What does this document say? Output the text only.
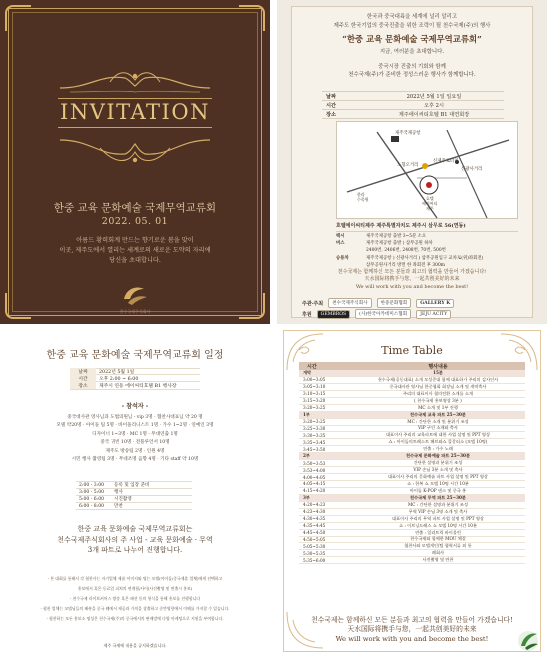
INVITATION
한중 교육 문화예술 국제무역교류회
2022. 05. 01
아름드 황력회계 만드는 향기로운 봄을 맞이
이곳, 제주도에서 열리는 세계로의 새로운 도약의 자리에
당신을 초대합니다.
천수국제주식회사
한국과 중국대륙을 세계에 널리 알리고
제주도 한국기업의 중국진출을 위한 조력이 될 천수국제(주)의 행사
“한중 교육 문화예술 국제무역교류회”
지금, 여러분을 초대합니다.
중국시장 진출의 기회와 함께
천수국제(주)가 준비한 정성스러운 행사가 함께합니다.
날짜	2022년 5월 1일 일요일
시간	오후 2시
장소	제주에이씨티호텔 B1 대연회장
제주국제공항
신제주로터리
노형오거리
신광사거리
호텔
에이씨티
제주
한라
수목원
호텔에이씨티제주 제주특별자치도 제주시 삼무로 56(연동)
택시	제주국제공항 출발 3~5분 소요
버스	제주국제공항 출발 ) 삼무공원 하차
2400번, 2406번, 2408번, 70번, 500번
승용차	제주국제공항 ) 신광사거리 ) 삼무공원입구 교차로(위)좌회전)
삼무공원사거리 방면 한 좌회전 후 300m
천수국제는 함께하신 모든 분들과 최고의 협력을 만들어 가겠습니다!
天水国际将携手与您，一起共创美好的未来
We will work with you and become the best!
주관·주최	천수국제주식회사	한중문화협회	GALLERY K
후원	GEMBROS	(사)한국아카데미스협회	JEJU ACITY
한중 교육 문화예술 국제무역교류회 일정
날짜	2022년 5월 1일
시간	오후 2:00 ~ 6:00
장소	제주시 연동 에이씨티호텔 B1 행사장
- 참석자 -
중국대사관 영사님과 도법의원님 - vip 3명 · 협찬사대표님 약 20 명
모델 약20명 · 아이돌 팀 5명 · 바이올리니스트 1명 · 가수 1~2명 · 연예인 3명
디자이너 1~3명 · MC 1명 · 무대연출 1명
중국 귀빈 10명 · 전플루언서 10명
제주도 방송팀 2명 · 인원 4명
시민 행사 촬영팀 3명 · 무대조명 음향 4명 · 기타 staff 약 10명
2:00 - 3:00	등록 및 입장 준비
3:00 - 5:00	행사
5:00 - 6:00	시진촬영
6:00 - 8:00	만찬
한중 교육 문화예술 국제무역교류회는
천수국제주식회사의 주 사업 - 교육 문화예술 · 무역
3개 파트로 나누어 진행합니다.
- 본 대회를 통해서 각 협찬사는 자기업체 제품 이미지와 명는 모델(아이돌/중국제휴 업체)에게 선택하고
홍보에서 혹은 동료업 피처의 연계협/사이(사진촬영 및 연출시 홍보)
- 천수국제 라이브커머스 방송 혹은 패션 등의 형식을 통해 홍보를 진행합니다
- 협찬 업체는 모델님들의 패숑을 중국 웨에서 제공과 가치을 창출하고 중반영향에서 이해를 가지할 수 있습니다.
- 협찬하는 모든 홍보소 명성은 천수국제(주)의 중국에서의 판매망에 다양 마케팅으로 지원을 부여합니다.
제주 국제에 내용을 공지하겠습니다.
Time Table
시간	행사내용
개막	15분
3:00~3:05	천수국제(공동대표) 소개 모성준대 함께 대표하가 주리의 감사인사
3:05~3:10	중국대사관 영사님 한중협회 회장님 소개 및 개막축사
3:10~3:15	주리의 대표이사 협의전환 소개를 소개
3:15~3:20	( 천수국제 홍보영상 3분 )
3:20~3:25	MC 소개 및 1부 진행
1부	천수국제 교육 파트 25~30분
3:20~3:25	MC : 간단한 소개 및 분위기 조성
3:25~3:30	VIP 구인 소개와 축사
3:30~3:35	대표이사 주리의 교육파트에 대한 사업 설명 및 PPT 영상
3:35~3:45	쇼 : 아이돌의트레스트 패브와쇼 콜갈러소 (모델 10명)
3:45~3:50	연출 : 가수 노래
2부	천수국제 문화예술 파트 25~30분
3:50~3:53	간단한 설명과 분위기 조성
3:53~4:00	VIP 손님 3분 소개 및 축사
4:00~4:05	대표이사 주리의 문화예술 파트 사업 설명 및 PPT 영상
4:05~4:15	쇼 : 한복 쇼 모델 10명 시간 10분
4:15~4:20	아이돌 K-POP 댄스 및 중국 홍
3부	천수국제 무역 파트 25~30분
4:20~4:23	MC : 간단한 설명과 분위기 조성
4:23~4:30	무역 VIP 손님 3명 소개 및 축사
4:30~4:35	대표이사 주리의 무역 파트 사업 설명 및 PPT 영상
4:35~4:45	쇼 : 이브닝드레스 쇼 모델 10명 시간 10분
4:45~4:50	연출 : 얼리트릭 바이올린
4:50~5:05	천수국제와 합께한 MOU 체결
5:05~5:30	협찬사와 모델게인/팀 협력서류 외 통
5:30~5:35	폐회사
5:35~6:00	사진촬영 및 만찬
천수국제는 함께하신 모든 분들과 최고의 협력을 만들어 가겠습니다!
天水国际将携手与您，一起共创美好的未来
We will work with you and become the best!
